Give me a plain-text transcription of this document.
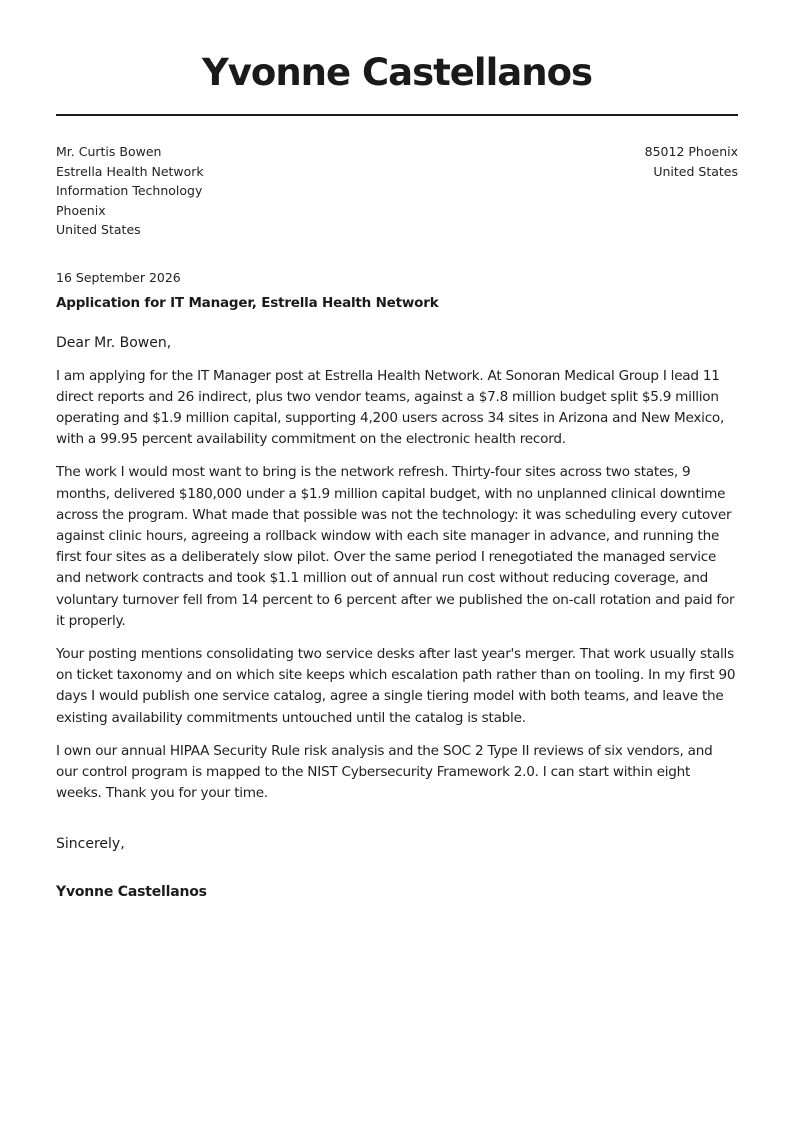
Yvonne Castellanos
Mr. Curtis Bowen
Estrella Health Network
Information Technology
Phoenix
United States
85012 Phoenix
United States
16 September 2026
Application for IT Manager, Estrella Health Network
Dear Mr. Bowen,

I am applying for the IT Manager post at Estrella Health Network. At Sonoran Medical Group I lead 11 direct reports and 26 indirect, plus two vendor teams, against a $7.8 million budget split $5.9 million operating and $1.9 million capital, supporting 4,200 users across 34 sites in Arizona and New Mexico, with a 99.95 percent availability commitment on the electronic health record.

The work I would most want to bring is the network refresh. Thirty-four sites across two states, 9 months, delivered $180,000 under a $1.9 million capital budget, with no unplanned clinical downtime across the program. What made that possible was not the technology: it was scheduling every cutover against clinic hours, agreeing a rollback window with each site manager in advance, and running the first four sites as a deliberately slow pilot. Over the same period I renegotiated the managed service and network contracts and took $1.1 million out of annual run cost without reducing coverage, and voluntary turnover fell from 14 percent to 6 percent after we published the on-call rotation and paid for it properly.

Your posting mentions consolidating two service desks after last year's merger. That work usually stalls on ticket taxonomy and on which site keeps which escalation path rather than on tooling. In my first 90 days I would publish one service catalog, agree a single tiering model with both teams, and leave the existing availability commitments untouched until the catalog is stable.

I own our annual HIPAA Security Rule risk analysis and the SOC 2 Type II reviews of six vendors, and our control program is mapped to the NIST Cybersecurity Framework 2.0. I can start within eight weeks. Thank you for your time.

Sincerely,
Yvonne Castellanos
